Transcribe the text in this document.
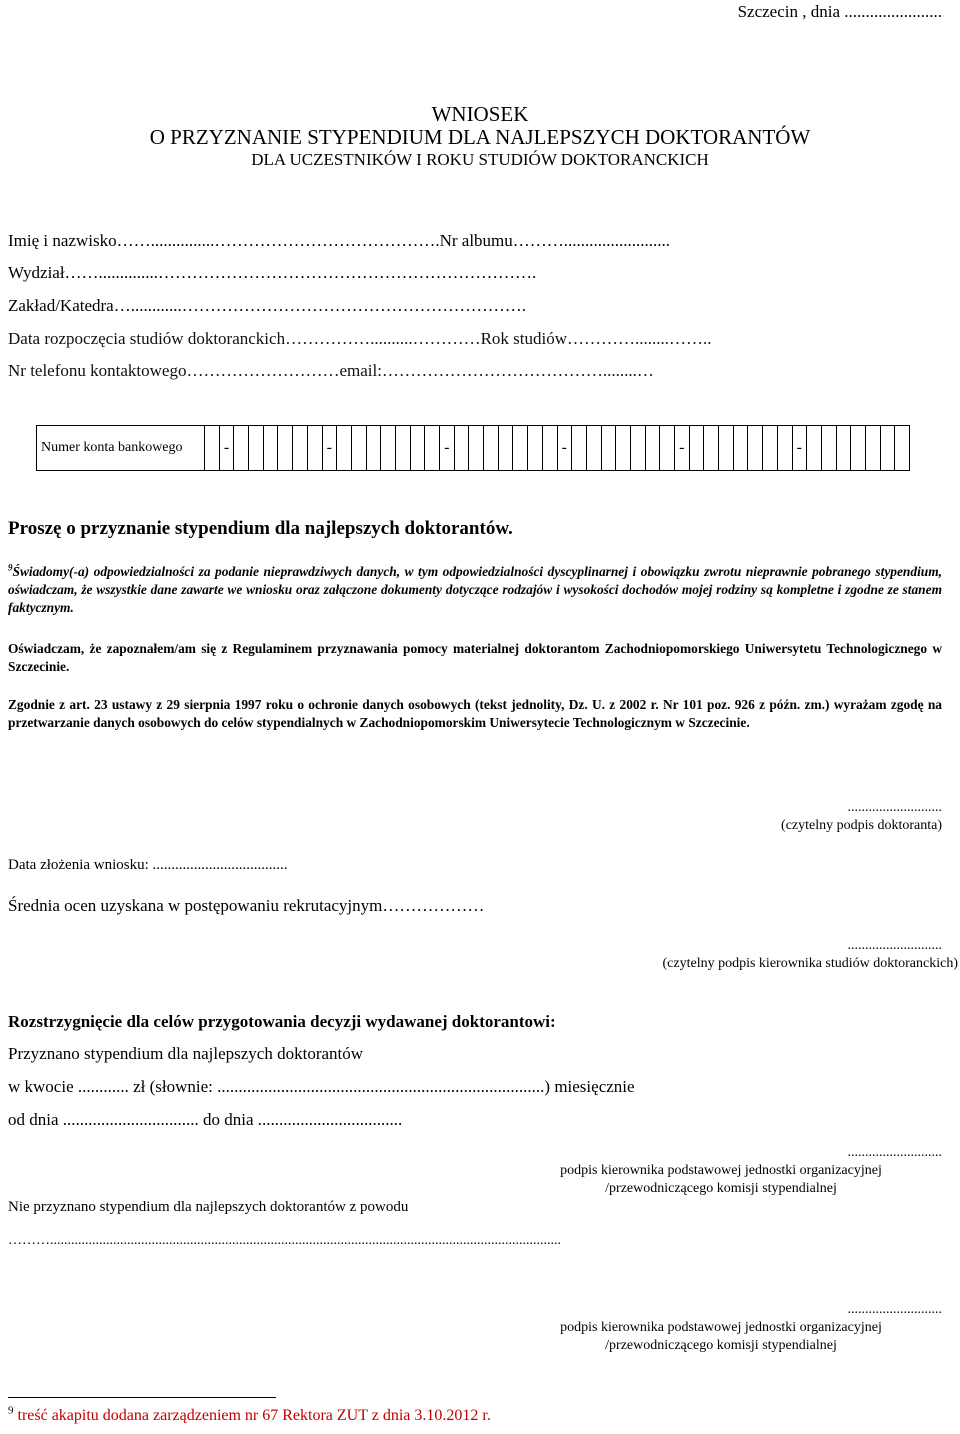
Szczecin , dnia .......................
WNIOSEK
O PRZYZNANIE STYPENDIUM DLA NAJLEPSZYCH DOKTORANTÓW
DLA UCZESTNIKÓW I ROKU STUDIÓW DOKTORANCKICH
Imię i nazwisko……...............………………………………….Nr albumu……….........................
Wydział……..............………………………………………………………….
Zakład/Katedra…............…………………………………………………….
Data rozpoczęcia studiów doktoranckich……………..........…………Rok studiów…………........……..
Nr telefonu kontaktowego………………………email:…………………………………........…
Numer konta bankowego	-	-	-	-	-	-
Proszę o przyznanie stypendium dla najlepszych doktorantów.
$^9$Świadomy(-a) odpowiedzialności za podanie nieprawdziwych danych, w tym odpowiedzialności dyscyplinarnej i obowiązku zwrotu nieprawnie pobranego stypendium, oświadczam, że wszystkie dane zawarte we wniosku oraz załączone dokumenty dotyczące rodzajów i wysokości dochodów mojej rodziny są kompletne i zgodne ze stanem faktycznym.
Oświadczam, że zapoznałem/am się z Regulaminem przyznawania pomocy materialnej doktorantom Zachodniopomorskiego Uniwersytetu Technologicznego w Szczecinie.
Zgodnie z art. 23 ustawy z 29 sierpnia 1997 roku o ochronie danych osobowych (tekst jednolity, Dz. U. z 2002 r. Nr 101 poz. 926 z późn. zm.) wyrażam zgodę na przetwarzanie danych osobowych do celów stypendialnych w Zachodniopomorskim Uniwersytecie Technologicznym w Szczecinie.
...........................
(czytelny podpis doktoranta)
Data złożenia wniosku: ....................................
Średnia ocen uzyskana w postępowaniu rekrutacyjnym………………
...........................
(czytelny podpis kierownika studiów doktoranckich)
Rozstrzygnięcie dla celów przygotowania decyzji wydawanej doktorantowi:
Przyznano stypendium dla najlepszych doktorantów
w kwocie ............ zł (słownie: .............................................................................) miesięcznie
od dnia ................................ do dnia ..................................
...........................
podpis kierownika podstawowej jednostki organizacyjnej
/przewodniczącego komisji stypendialnej
Nie przyznano stypendium dla najlepszych doktorantów z powodu
………..................................................................................................................................................
...........................
podpis kierownika podstawowej jednostki organizacyjnej
/przewodniczącego komisji stypendialnej
$^9$ treść akapitu dodana zarządzeniem nr 67 Rektora ZUT z dnia 3.10.2012 r.
